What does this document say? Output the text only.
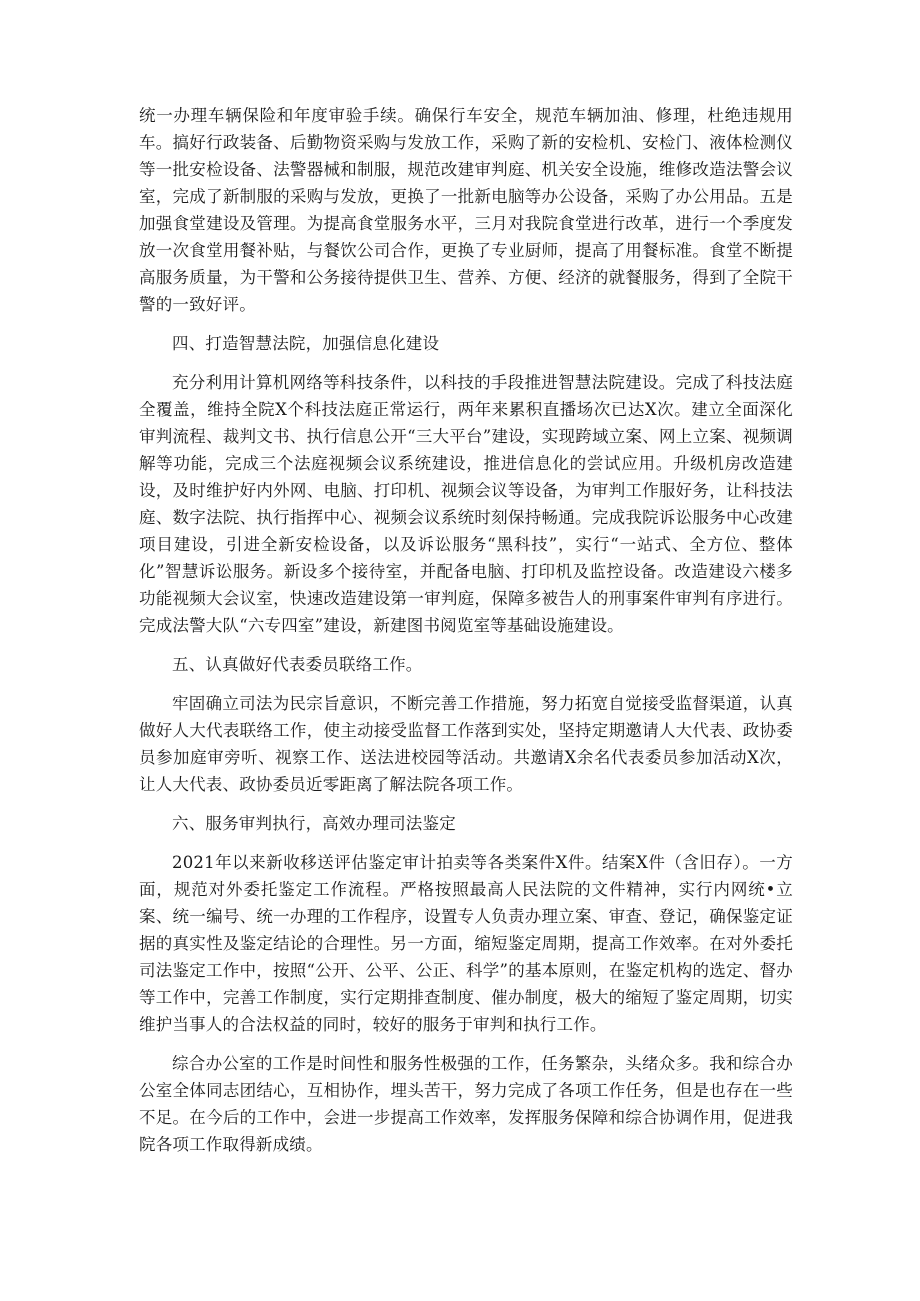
统一办理车辆保险和年度审验手续。确保行车安全，规范车辆加油、修理，杜绝违规用车。搞好行政装备、后勤物资采购与发放工作，采购了新的安检机、安检门、液体检测仪等一批安检设备、法警器械和制服，规范改建审判庭、机关安全设施，维修改造法警会议室，完成了新制服的采购与发放，更换了一批新电脑等办公设备，采购了办公用品。五是加强食堂建设及管理。为提高食堂服务水平，三月对我院食堂进行改革，进行一个季度发放一次食堂用餐补贴，与餐饮公司合作，更换了专业厨师，提高了用餐标准。食堂不断提高服务质量，为干警和公务接待提供卫生、营养、方便、经济的就餐服务，得到了全院干警的一致好评。

四、打造智慧法院，加强信息化建设

充分利用计算机网络等科技条件，以科技的手段推进智慧法院建设。完成了科技法庭全覆盖，维持全院X个科技法庭正常运行，两年来累积直播场次已达X次。建立全面深化审判流程、裁判文书、执行信息公开“三大平台”建设，实现跨域立案、网上立案、视频调解等功能，完成三个法庭视频会议系统建设，推进信息化的尝试应用。升级机房改造建设，及时维护好内外网、电脑、打印机、视频会议等设备，为审判工作服好务，让科技法庭、数字法院、执行指挥中心、视频会议系统时刻保持畅通。完成我院诉讼服务中心改建项目建设，引进全新安检设备，以及诉讼服务“黑科技”，实行“一站式、全方位、整体化”智慧诉讼服务。新设多个接待室，并配备电脑、打印机及监控设备。改造建设六楼多功能视频大会议室，快速改造建设第一审判庭，保障多被告人的刑事案件审判有序进行。完成法警大队“六专四室”建设，新建图书阅览室等基础设施建设。

五、认真做好代表委员联络工作。

牢固确立司法为民宗旨意识，不断完善工作措施，努力拓宽自觉接受监督渠道，认真做好人大代表联络工作，使主动接受监督工作落到实处，坚持定期邀请人大代表、政协委员参加庭审旁听、视察工作、送法进校园等活动。共邀请X余名代表委员参加活动X次，让人大代表、政协委员近零距离了解法院各项工作。

六、服务审判执行，高效办理司法鉴定

2021年以来新收移送评估鉴定审计拍卖等各类案件X件。结案X件（含旧存）。一方面，规范对外委托鉴定工作流程。严格按照最高人民法院的文件精神，实行内网统•立案、统一编号、统一办理的工作程序，设置专人负责办理立案、审查、登记，确保鉴定证据的真实性及鉴定结论的合理性。另一方面，缩短鉴定周期，提高工作效率。在对外委托司法鉴定工作中，按照“公开、公平、公正、科学”的基本原则，在鉴定机构的选定、督办等工作中，完善工作制度，实行定期排查制度、催办制度，极大的缩短了鉴定周期，切实维护当事人的合法权益的同时，较好的服务于审判和执行工作。

综合办公室的工作是时间性和服务性极强的工作，任务繁杂，头绪众多。我和综合办公室全体同志团结心，互相协作，埋头苦干，努力完成了各项工作任务，但是也存在一些不足。在今后的工作中，会进一步提高工作效率，发挥服务保障和综合协调作用，促进我院各项工作取得新成绩。
